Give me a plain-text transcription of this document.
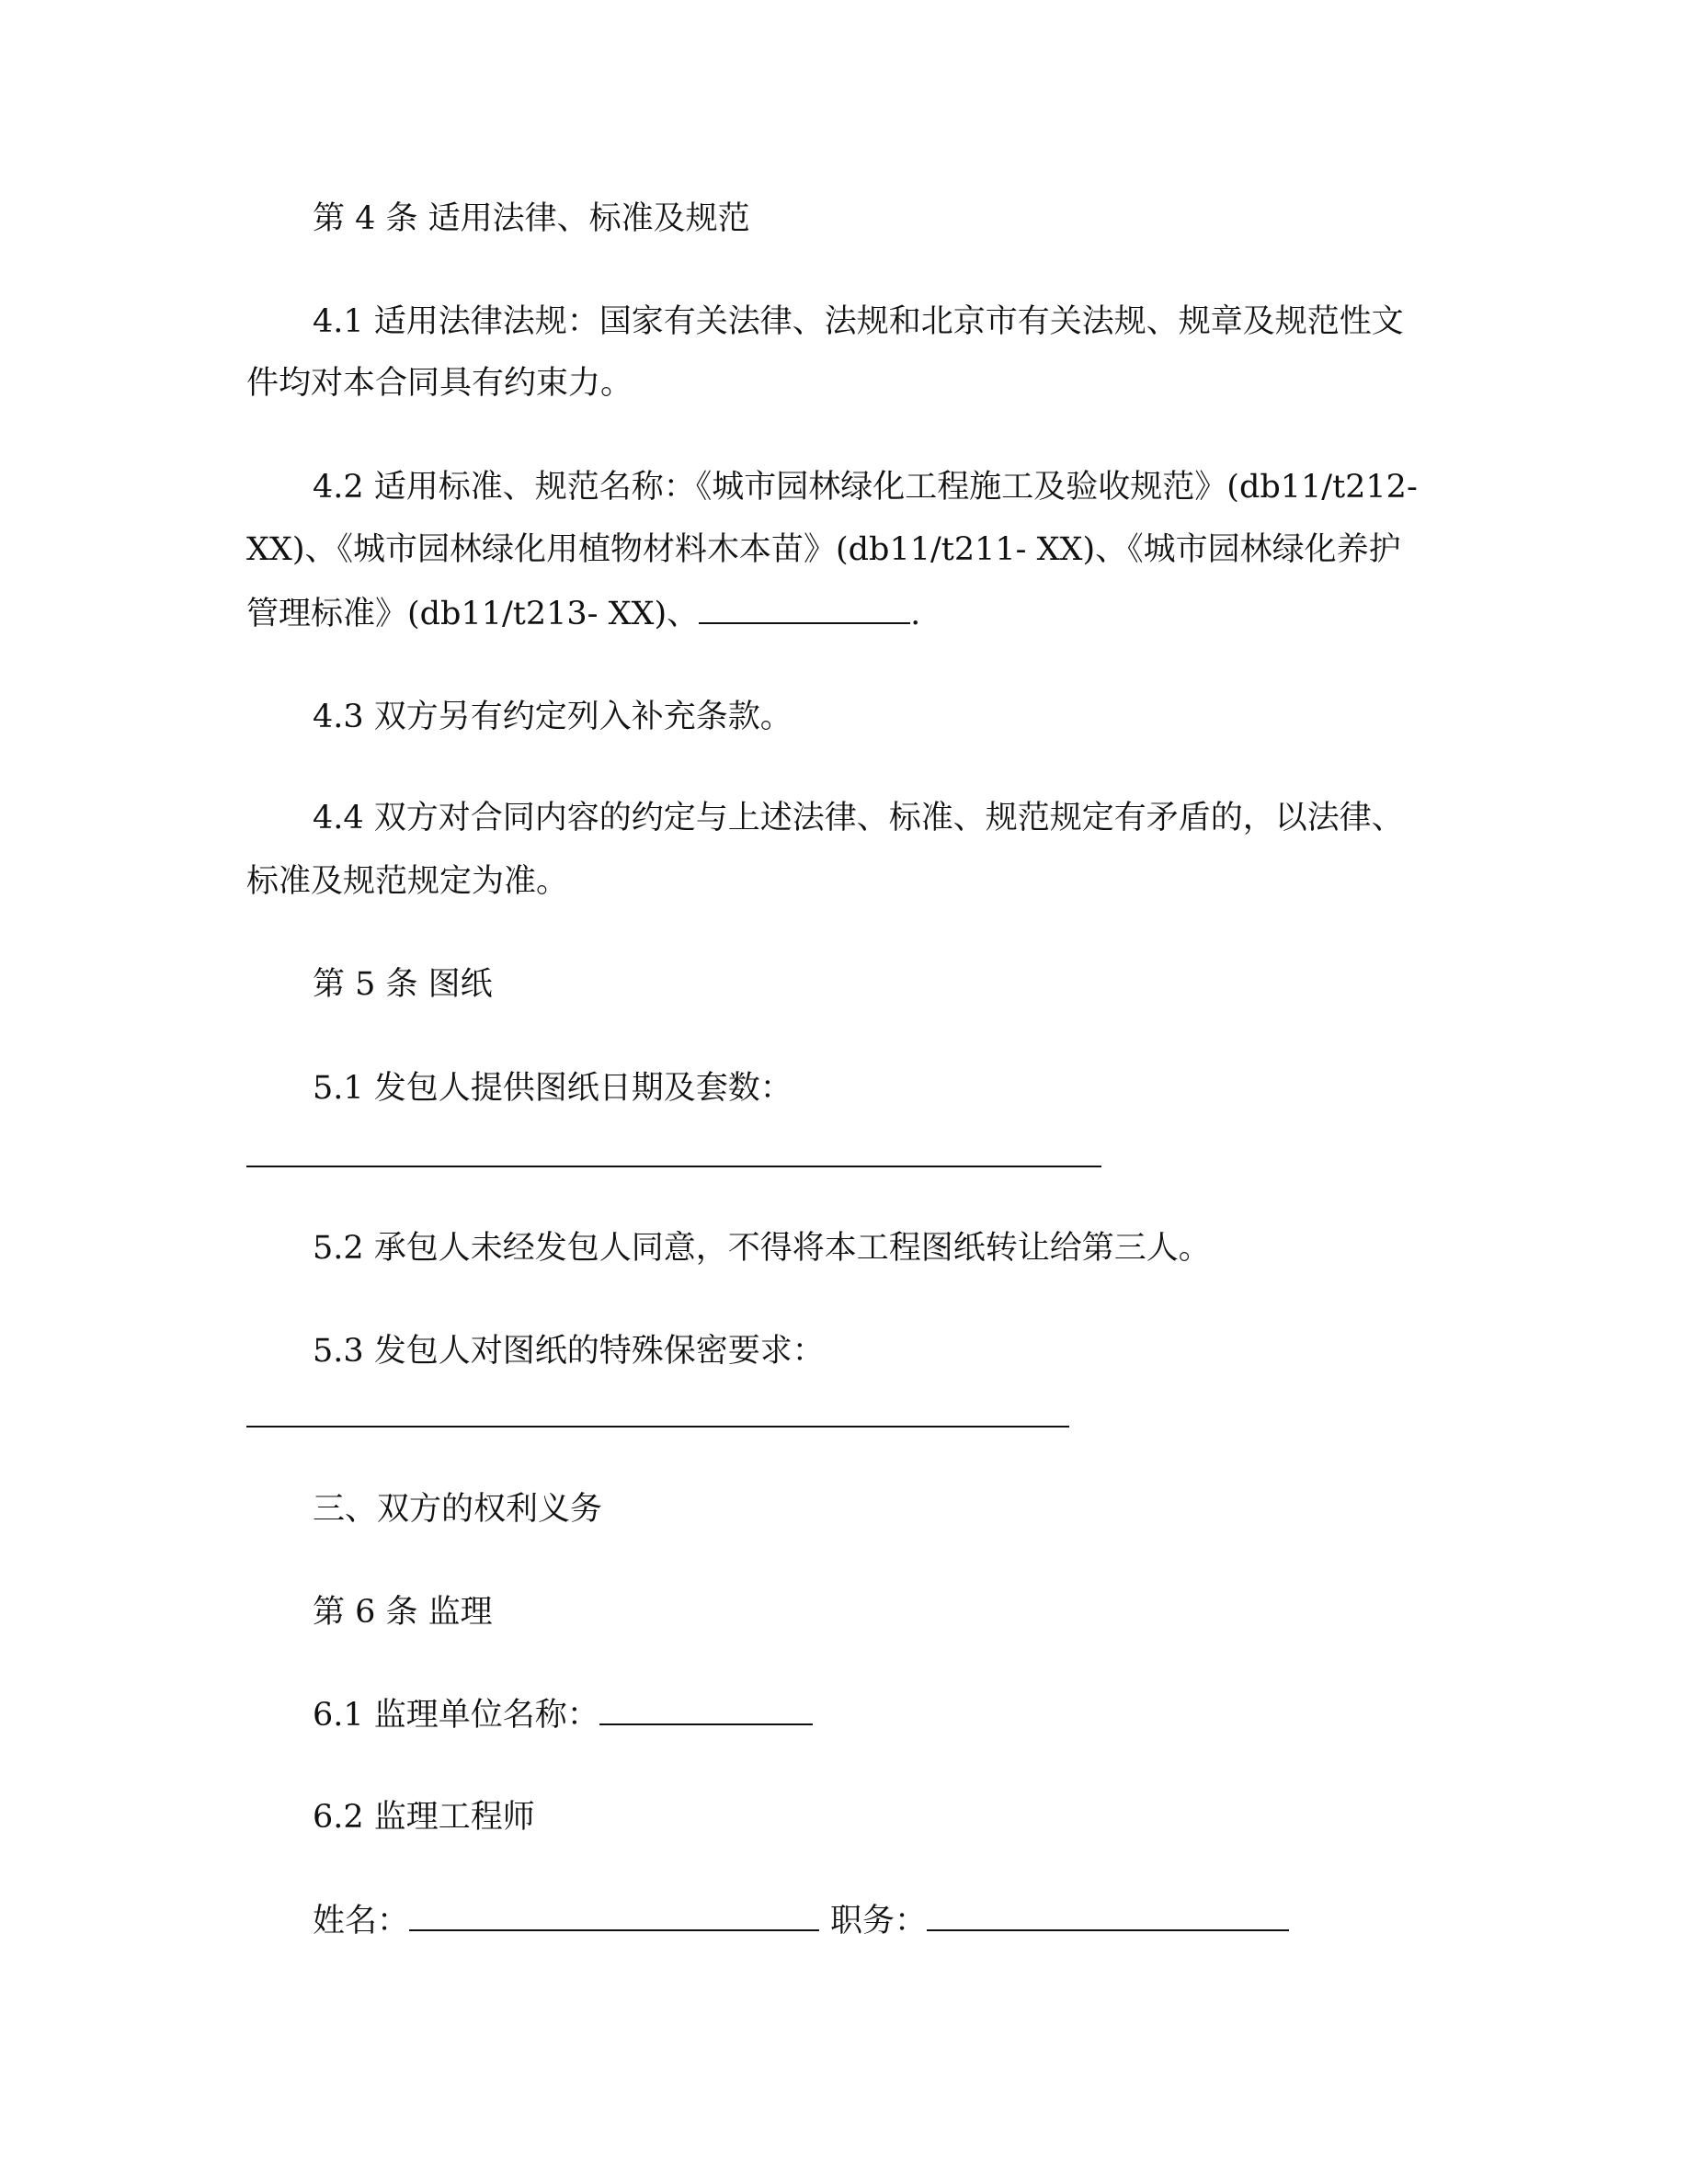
第 4 条 适用法律、标准及规范

4.1 适用法律法规：国家有关法律、法规和北京市有关法规、规章及规范性文

件均对本合同具有约束力。

4.2 适用标准、规范名称：《城市园林绿化工程施工及验收规范》(db11/t212-

XX)、《城市园林绿化用植物材料木本苗》(db11/t211- XX)、《城市园林绿化养护

管理标准》(db11/t213- XX)、	.

4.3 双方另有约定列入补充条款。

4.4 双方对合同内容的约定与上述法律、标准、规范规定有矛盾的，以法律、

标准及规范规定为准。

第 5 条 图纸

5.1 发包人提供图纸日期及套数：

5.2 承包人未经发包人同意，不得将本工程图纸转让给第三人。

5.3 发包人对图纸的特殊保密要求：

三、双方的权利义务

第 6 条 监理

6.1 监理单位名称：

6.2 监理工程师

姓名：	职务：
